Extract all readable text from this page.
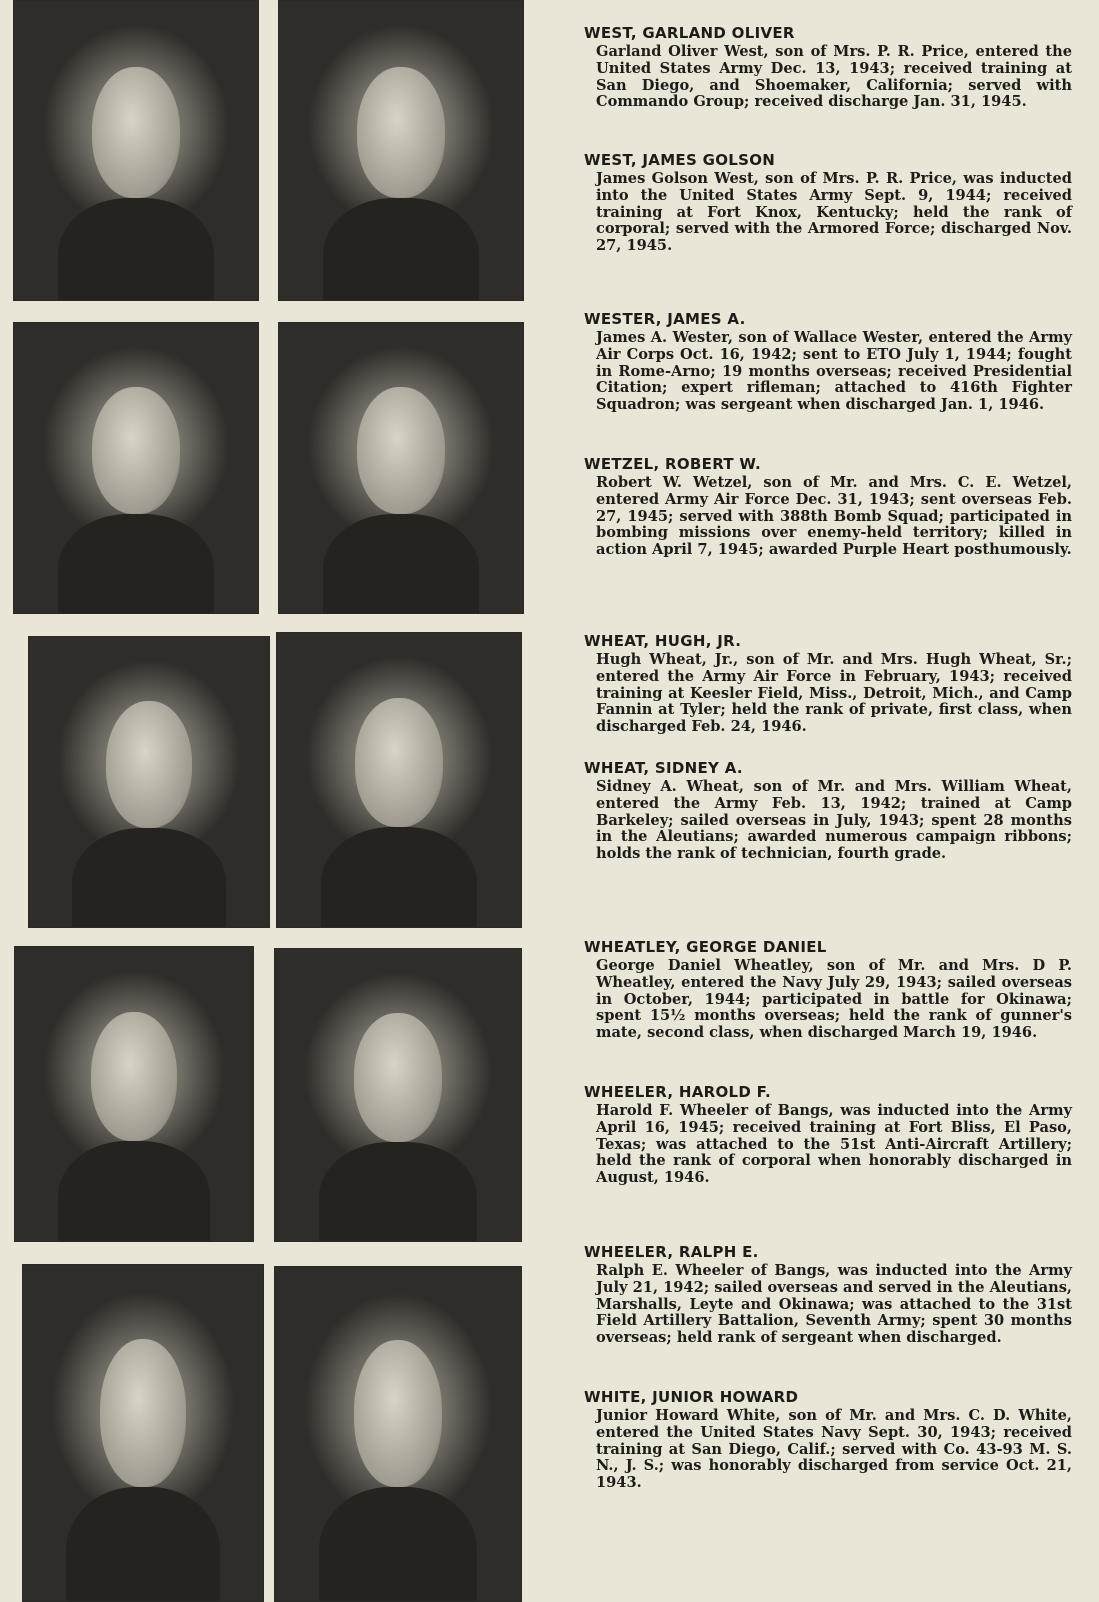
WEST, GARLAND OLIVER

Garland Oliver West, son of Mrs. P. R. Price, entered the United States Army Dec. 13, 1943; received training at San Diego, and Shoemaker, California; served with Commando Group; received discharge Jan. 31, 1945.

WEST, JAMES GOLSON

James Golson West, son of Mrs. P. R. Price, was inducted into the United States Army Sept. 9, 1944; received training at Fort Knox, Kentucky; held the rank of corporal; served with the Armored Force; discharged Nov. 27, 1945.

WESTER, JAMES A.

James A. Wester, son of Wallace Wester, entered the Army Air Corps Oct. 16, 1942; sent to ETO July 1, 1944; fought in Rome-Arno; 19 months overseas; received Presidential Citation; expert rifleman; attached to 416th Fighter Squadron; was sergeant when discharged Jan. 1, 1946.

WETZEL, ROBERT W.

Robert W. Wetzel, son of Mr. and Mrs. C. E. Wetzel, entered Army Air Force Dec. 31, 1943; sent overseas Feb. 27, 1945; served with 388th Bomb Squad; participated in bombing missions over enemy-held territory; killed in action April 7, 1945; awarded Purple Heart posthumously.

WHEAT, HUGH, JR.

Hugh Wheat, Jr., son of Mr. and Mrs. Hugh Wheat, Sr.; entered the Army Air Force in February, 1943; received training at Keesler Field, Miss., Detroit, Mich., and Camp Fannin at Tyler; held the rank of private, first class, when discharged Feb. 24, 1946.

WHEAT, SIDNEY A.

Sidney A. Wheat, son of Mr. and Mrs. William Wheat, entered the Army Feb. 13, 1942; trained at Camp Barkeley; sailed overseas in July, 1943; spent 28 months in the Aleutians; awarded numerous campaign ribbons; holds the rank of technician, fourth grade.

WHEATLEY, GEORGE DANIEL

George Daniel Wheatley, son of Mr. and Mrs. D P. Wheatley, entered the Navy July 29, 1943; sailed overseas in October, 1944; participated in battle for Okinawa; spent 15½ months overseas; held the rank of gunner's mate, second class, when discharged March 19, 1946.

WHEELER, HAROLD F.

Harold F. Wheeler of Bangs, was inducted into the Army April 16, 1945; received training at Fort Bliss, El Paso, Texas; was attached to the 51st Anti-Aircraft Artillery; held the rank of corporal when honorably discharged in August, 1946.

WHEELER, RALPH E.

Ralph E. Wheeler of Bangs, was inducted into the Army July 21, 1942; sailed overseas and served in the Aleutians, Marshalls, Leyte and Okinawa; was attached to the 31st Field Artillery Battalion, Seventh Army; spent 30 months overseas; held rank of sergeant when discharged.

WHITE, JUNIOR HOWARD

Junior Howard White, son of Mr. and Mrs. C. D. White, entered the United States Navy Sept. 30, 1943; received training at San Diego, Calif.; served with Co. 43-93 M. S. N., J. S.; was honorably discharged from service Oct. 21, 1943.
